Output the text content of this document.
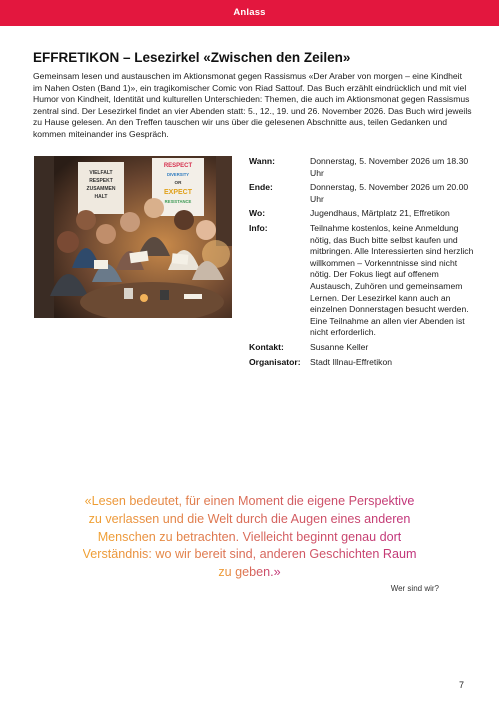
Anlass
EFFRETIKON – Lesezirkel «Zwischen den Zeilen»

Gemeinsam lesen und austauschen im Aktionsmonat gegen Rassismus «Der Araber von morgen – eine Kindheit im Nahen Osten (Band 1)», ein tragikomischer Comic von Riad Sattouf. Das Buch erzählt eindrücklich und mit viel Humor von Kindheit, Identität und kulturellen Unterschieden: Themen, die auch im Aktionsmonat gegen Rassismus zentral sind. Der Lesezirkel findet an vier Abenden statt: 5., 12., 19. und 26. November 2026. Das Buch wird jeweils zu Hause gelesen. An den Treffen tauschen wir uns über die gelesenen Abschnitte aus, teilen Gedanken und kommen miteinander ins Gespräch.

VIELFALT
RESPEKT
ZUSAMMEN
HALT
RESPECT
DIVERSITY
OR
EXPECT
RESISTANCE
Wann:	Donnerstag, 5. November 2026 um 18.30 Uhr
Ende:	Donnerstag, 5. November 2026 um 20.00 Uhr
Wo:	Jugendhaus, Märtplatz 21, Effretikon
Info:	Teilnahme kostenlos, keine Anmeldung nötig, das Buch bitte selbst kaufen und mitbringen. Alle Interessierten sind herzlich willkommen – Vorkenntnisse sind nicht nötig. Der Fokus liegt auf offenem Austausch, Zuhören und gemeinsamem Lernen. Der Lesezirkel kann auch an einzelnen Donnerstagen besucht werden. Eine Teilnahme an allen vier Abenden ist nicht erforderlich.
Kontakt:	Susanne Keller
Organisator:	Stadt Illnau-Effretikon
«Lesen bedeutet, für einen Moment die eigene Perspektive
zu verlassen und die Welt durch die Augen eines anderen
Menschen zu betrachten. Vielleicht beginnt genau dort
Verständnis: wo wir bereit sind, anderen Geschichten Raum
zu geben.»
Wer sind wir?
7
